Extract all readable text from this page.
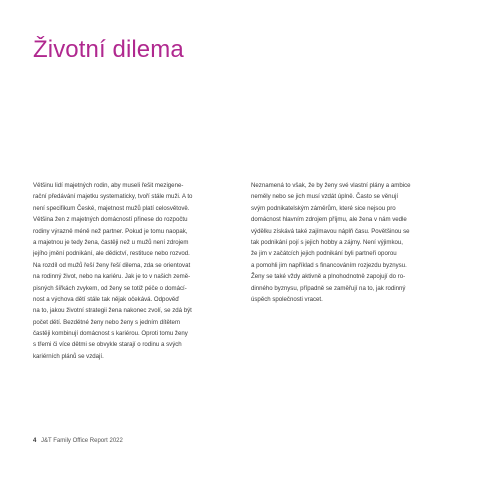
Životní dilema
Většinu lidí majetných rodin, aby museli řešit mezigene-
rační předávání majetku systematicky, tvoří stále muži. A to
není specifikum České, majetnost mužů platí celosvětově.
Většina žen z majetných domácností přinese do rozpočtu
rodiny výrazně méně než partner. Pokud je tomu naopak,
a majetnou je tedy žena, častěji než u mužů není zdrojem
jejího jmění podnikání, ale dědictví, restituce nebo rozvod.
Na rozdíl od mužů řeší ženy řeší dilema, zda se orientovat
na rodinný život, nebo na kariéru. Jak je to v našich země-
pisných šířkách zvykem, od ženy se totiž péče o domácí-
nost a výchova dětí stále tak nějak očekává. Odpověď
na to, jakou životní strategii žena nakonec zvolí, se zdá být
počet dětí. Bezdětné ženy nebo ženy s jedním dítětem
častěji kombinují domácnost s kariérou. Oproti tomu ženy
s třemi či více dětmi se obvykle starají o rodinu a svých
kariérních plánů se vzdají.
Neznamená to však, že by ženy své vlastní plány a ambice
neměly nebo se jich musí vzdát úplně. Často se věnují
svým podnikatelským záměrům, které sice nejsou pro
domácnost hlavním zdrojem příjmu, ale žena v nám vedle
výdělku získává také zajímavou náplň času. Povětšinou se
tak podnikání pojí s jejich hobby a zájmy. Není výjimkou,
že jim v začátcích jejich podnikání byli partneři oporou
a pomohli jim například s financováním rozjezdu byznysu.
Ženy se také vždy aktivně a plnohodnotně zapojují do ro-
dinného byznysu, případně se zaměřují na to, jak rodinný
úspěch společnosti vracet.
4 J&T Family Office Report 2022
